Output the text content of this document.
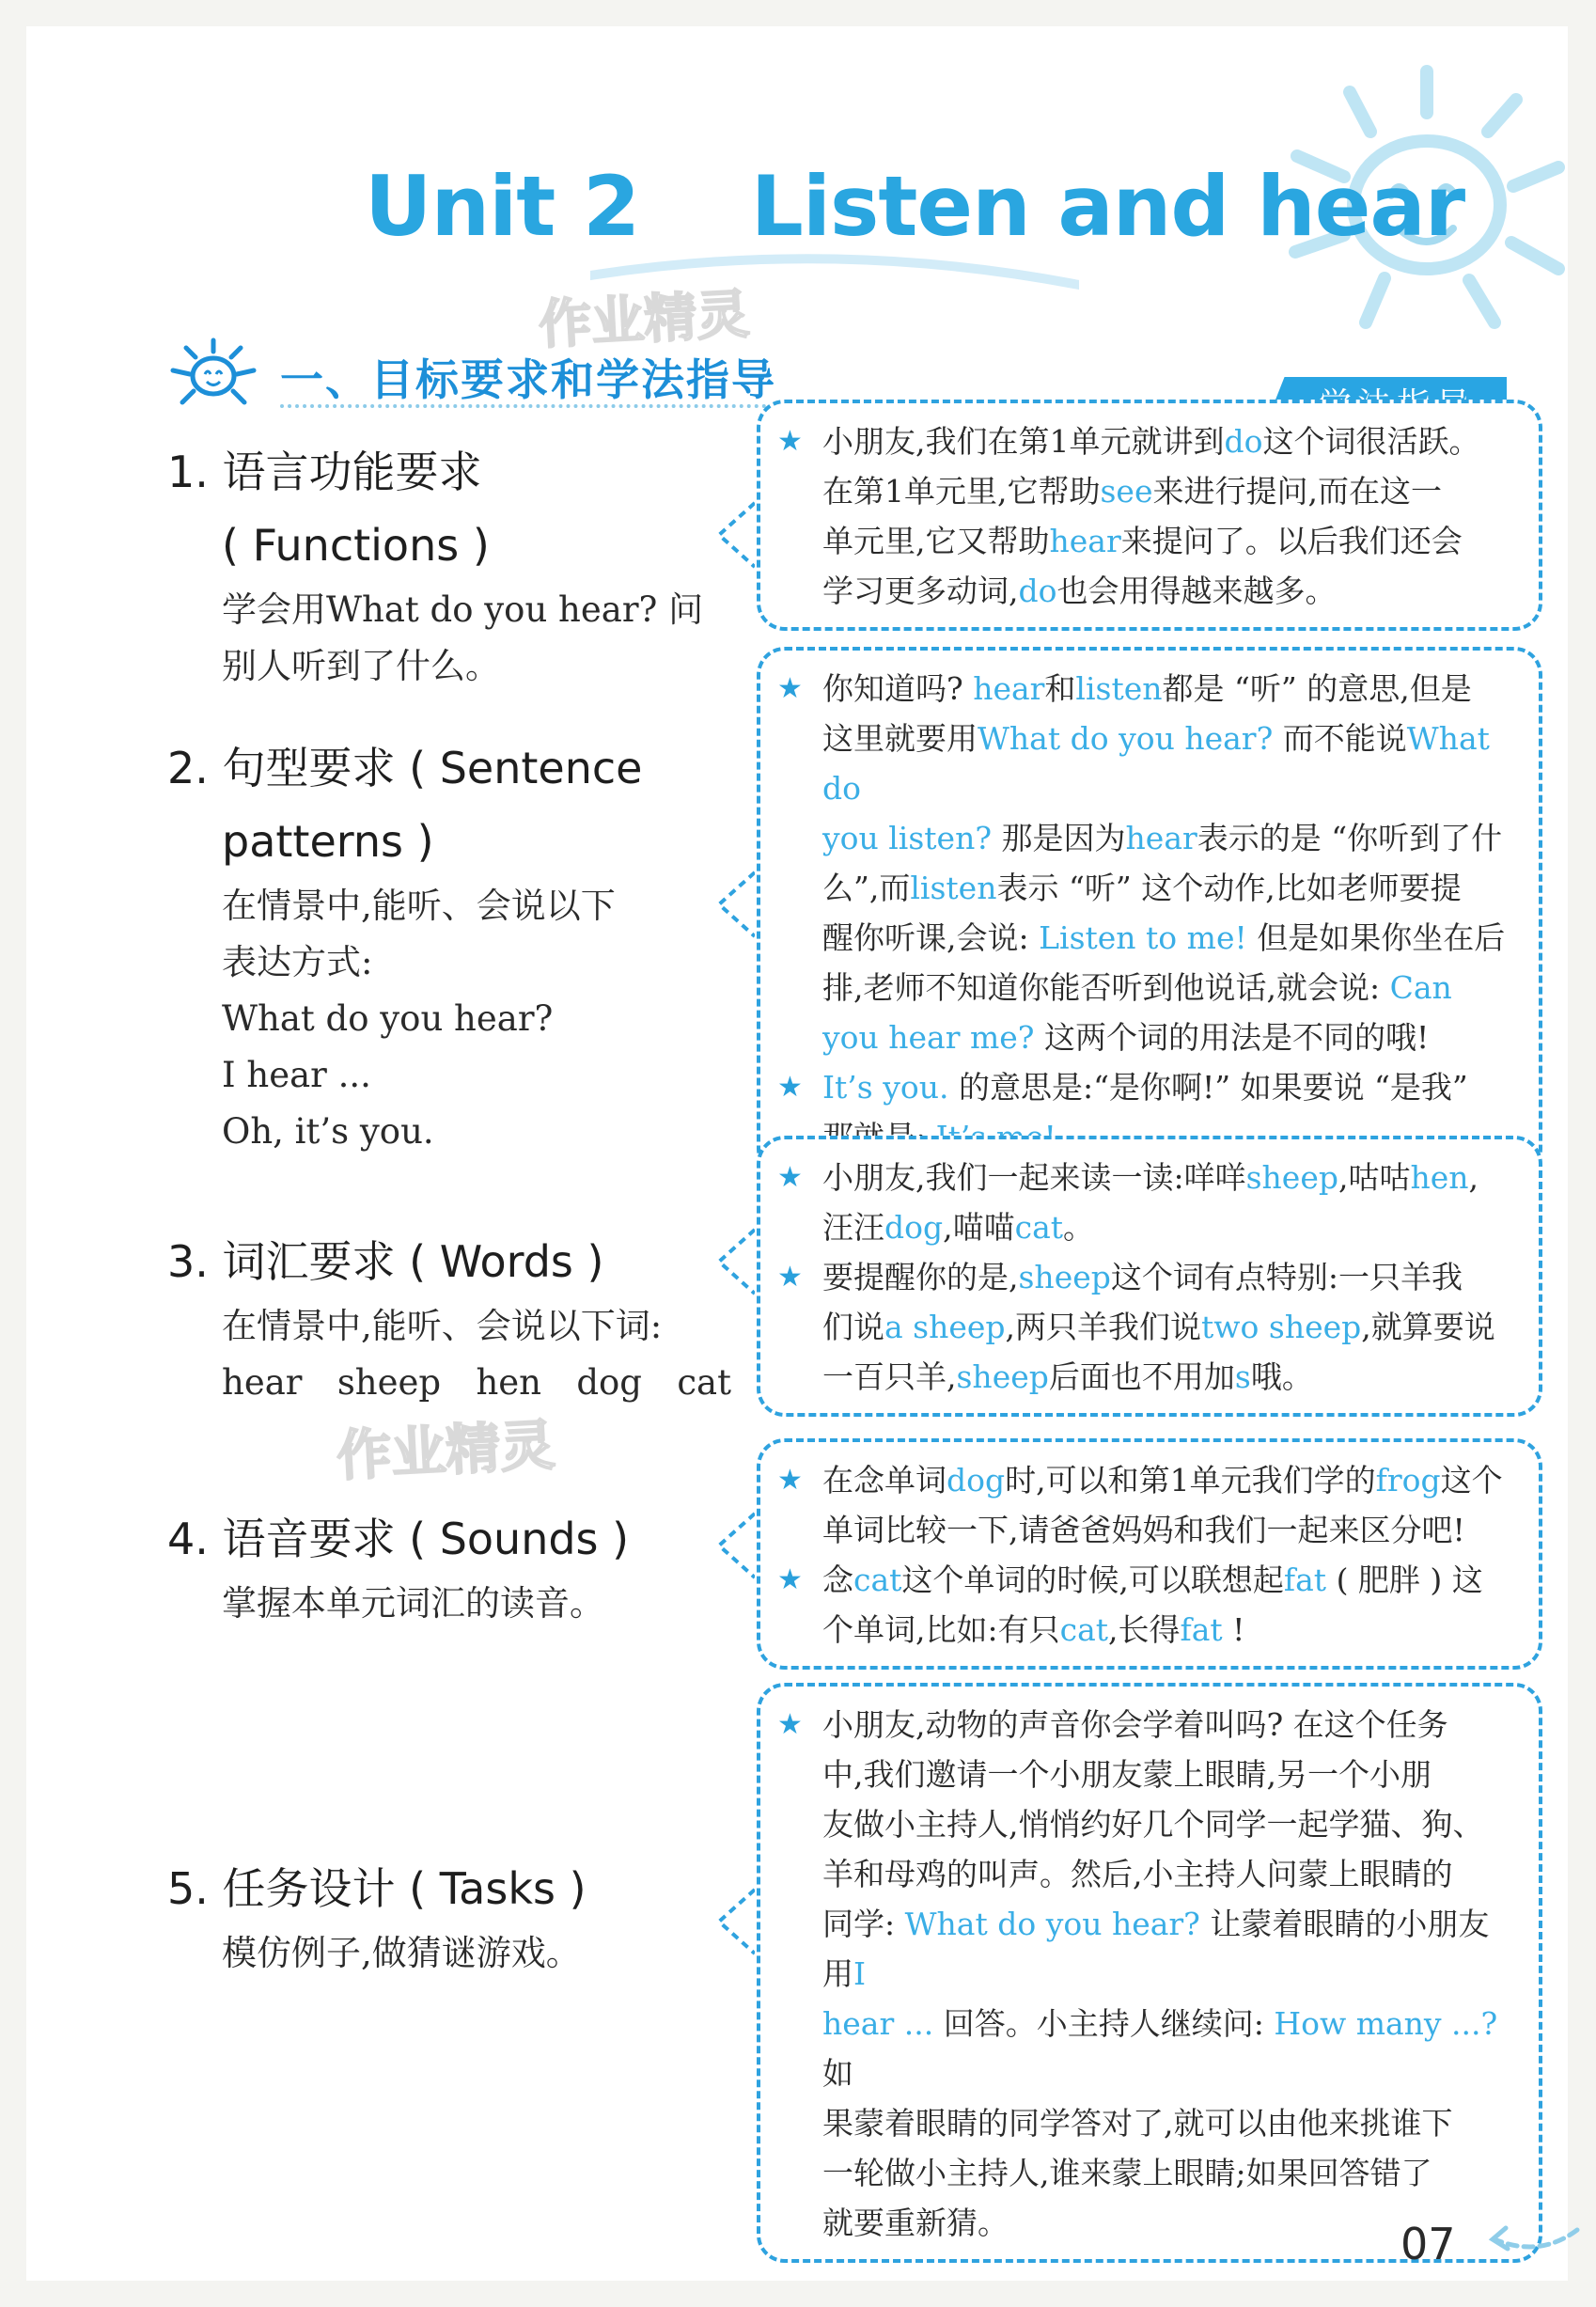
Unit 2    Listen and hear
作业精灵
一、目标要求和学法指导
1. 语言功能要求
( Functions )

学会用What do you hear? 问

别人听到了什么。

2. 句型要求 ( Sentence
patterns )

在情景中,能听、会说以下

表达方式:

What do you hear?

I hear ...

Oh, it’s you.

3. 词汇要求 ( Words )

在情景中,能听、会说以下词:

hear sheep hen dog cat

作业精灵
4. 语音要求 ( Sounds )

掌握本单元词汇的读音。

5. 任务设计 ( Tasks )

模仿例子,做猜谜游戏。

★ 小朋友,我们在第1单元就讲到do这个词很活跃。
在第1单元里,它帮助see来进行提问,而在这一
单元里,它又帮助hear来提问了。以后我们还会
学习更多动词,do也会用得越来越多。

★ 你知道吗? hear和listen都是 “听” 的意思,但是
这里就要用What do you hear? 而不能说What do
you listen? 那是因为hear表示的是 “你听到了什
么”,而listen表示 “听” 这个动作,比如老师要提
醒你听课,会说: Listen to me! 但是如果你坐在后
排,老师不知道你能否听到他说话,就会说: Can
you hear me? 这两个词的用法是不同的哦!

★ It’s you. 的意思是:“是你啊!” 如果要说 “是我”

★ 小朋友,我们一起来读一读:咩咩sheep,咕咕hen,
汪汪dog,喵喵cat。

★ 要提醒你的是,sheep这个词有点特别:一只羊我
们说a sheep,两只羊我们说two sheep,就算要说
一百只羊,sheep后面也不用加s哦。

★ 在念单词dog时,可以和第1单元我们学的frog这个
单词比较一下,请爸爸妈妈和我们一起来区分吧!

★ 念cat这个单词的时候,可以联想起fat ( 肥胖 ) 这
个单词,比如:有只cat,长得fat !

★ 小朋友,动物的声音你会学着叫吗? 在这个任务
中,我们邀请一个小朋友蒙上眼睛,另一个小朋
友做小主持人,悄悄约好几个同学一起学猫、狗、
羊和母鸡的叫声。然后,小主持人问蒙上眼睛的
同学: What do you hear? 让蒙着眼睛的小朋友用I
hear ... 回答。小主持人继续问: How many ...? 如
果蒙着眼睛的同学答对了,就可以由他来挑谁下
一轮做小主持人,谁来蒙上眼睛;如果回答错了
就要重新猜。	07
